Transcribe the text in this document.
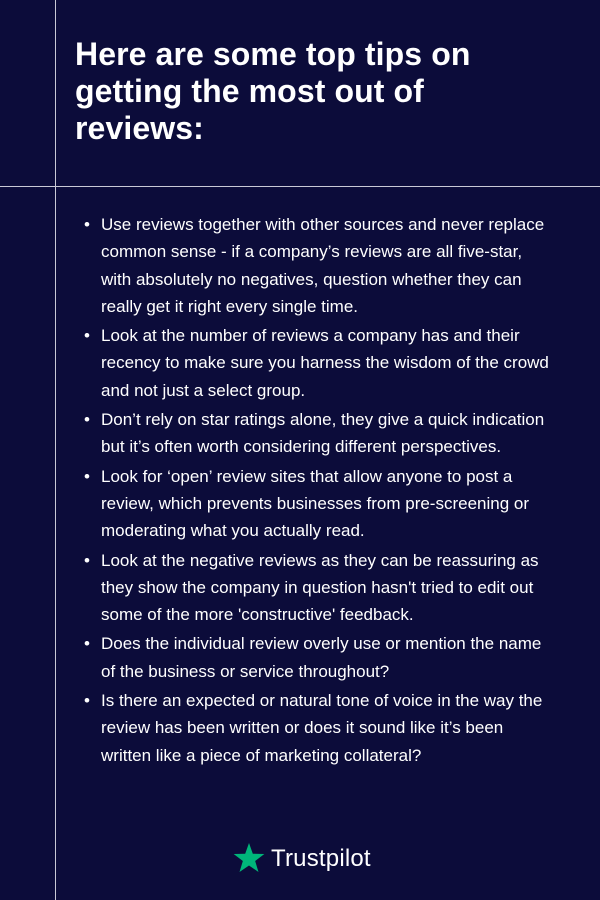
Here are some top tips on getting the most out of reviews:
• Use reviews together with other sources and never replace common sense - if a company’s reviews are all five-star, with absolutely no negatives, question whether they can really get it right every single time.
• Look at the number of reviews a company has and their recency to make sure you harness the wisdom of the crowd and not just a select group.
• Don’t rely on star ratings alone, they give a quick indication but it’s often worth considering different perspectives.
• Look for ‘open’ review sites that allow anyone to post a review, which prevents businesses from pre-screening or moderating what you actually read.
• Look at the negative reviews as they can be reassuring as they show the company in question hasn't tried to edit out some of the more 'constructive' feedback.
• Does the individual review overly use or mention the name of the business or service throughout?
• Is there an expected or natural tone of voice in the way the review has been written or does it sound like it’s been written like a piece of marketing collateral?
Trustpilot
